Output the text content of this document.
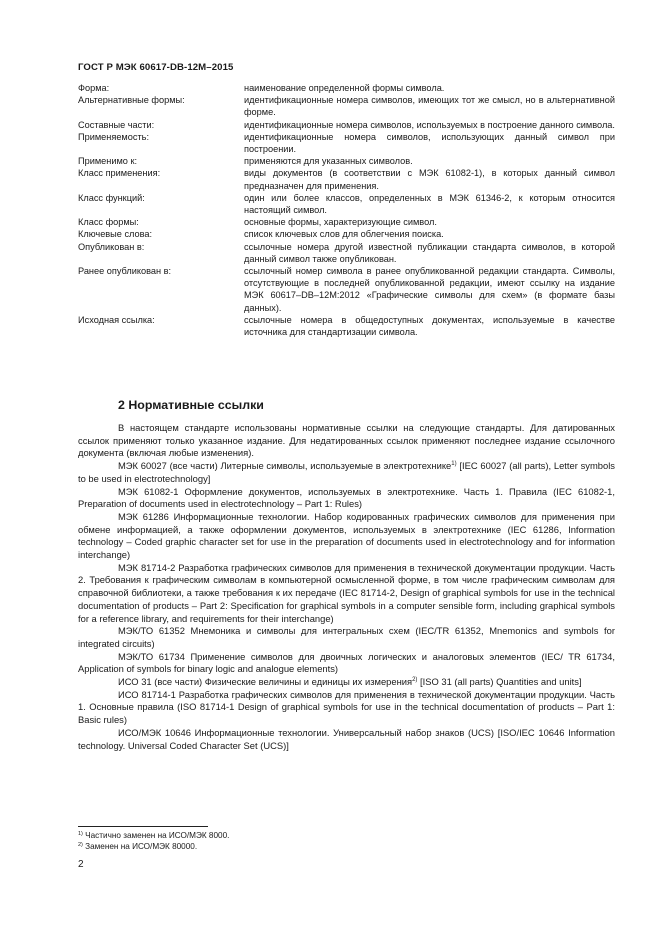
ГОСТ Р МЭК 60617-DB-12M–2015
Форма:	наименование определенной формы символа.
Альтернативные формы:	идентификационные номера символов, имеющих тот же смысл, но в альтернативной форме.
Составные части:	идентификационные номера символов, используемых в построение данного символа.
Применяемость:	идентификационные номера символов, использующих данный символ при построении.
Применимо к:	применяются для указанных символов.
Класс применения:	виды документов (в соответствии с МЭК 61082-1), в которых данный символ предназначен для применения.
Класс функций:	один или более классов, определенных в МЭК 61346-2, к которым относится настоящий символ.
Класс формы:	основные формы, характеризующие символ.
Ключевые слова:	список ключевых слов для облегчения поиска.
Опубликован в:	ссылочные номера другой известной публикации стандарта символов, в которой данный символ также опубликован.
Ранее опубликован в:	ссылочный номер символа в ранее опубликованной редакции стандарта. Символы, отсутствующие в последней опубликованной редакции, имеют ссылку на издание МЭК 60617–DB–12M:2012 «Графические символы для схем» (в формате базы данных).
Исходная ссылка:	ссылочные номера в общедоступных документах, используемые в качестве источника для стандартизации символа.
2 Нормативные ссылки

В настоящем стандарте использованы нормативные ссылки на следующие стандарты. Для датированных ссылок применяют только указанное издание. Для недатированных ссылок применяют последнее издание ссылочного документа (включая любые изменения).

МЭК 60027 (все части) Литерные символы, используемые в электротехнике$^{1)}$ [IEC 60027 (all parts), Letter symbols to be used in electrotechnology]

МЭК 61082-1 Оформление документов, используемых в электротехнике. Часть 1. Правила (IEC 61082-1, Preparation of documents used in electrotechnology – Part 1: Rules)

МЭК 61286 Информационные технологии. Набор кодированных графических символов для применения при обмене информацией, а также оформлении документов, используемых в электротехнике (IEC 61286, Information technology – Coded graphic character set for use in the preparation of documents used in electrotechnology and for information interchange)

МЭК 81714-2 Разработка графических символов для применения в технической документации продукции. Часть 2. Требования к графическим символам в компьютерной осмысленной форме, в том числе графическим символам для справочной библиотеки, а также требования к их передаче (IEC 81714-2, Design of graphical symbols for use in the technical documentation of products – Part 2: Specification for graphical symbols in a computer sensible form, including graphical symbols for a reference library, and requirements for their interchange)

МЭК/ТО 61352 Мнемоника и символы для интегральных схем (IEC/TR 61352, Mnemonics and symbols for integrated circuits)

МЭК/ТО 61734 Применение символов для двоичных логических и аналоговых элементов (IEC/ TR 61734, Application of symbols for binary logic and analogue elements)

ИСО 31 (все части) Физические величины и единицы их измерения$^{2)}$ [ISO 31 (all parts) Quantities and units]

ИСО 81714-1 Разработка графических символов для применения в технической документации продукции. Часть 1. Основные правила (ISO 81714-1 Design of graphical symbols for use in the technical documentation of products – Part 1: Basic rules)

ИСО/МЭК 10646 Информационные технологии. Универсальный набор знаков (UCS) [ISO/IEC 10646 Information technology. Universal Coded Character Set (UCS)]

$^{1)}$ Частично заменен на ИСО/МЭК 8000.
$^{2)}$ Заменен на ИСО/МЭК 80000.
2
